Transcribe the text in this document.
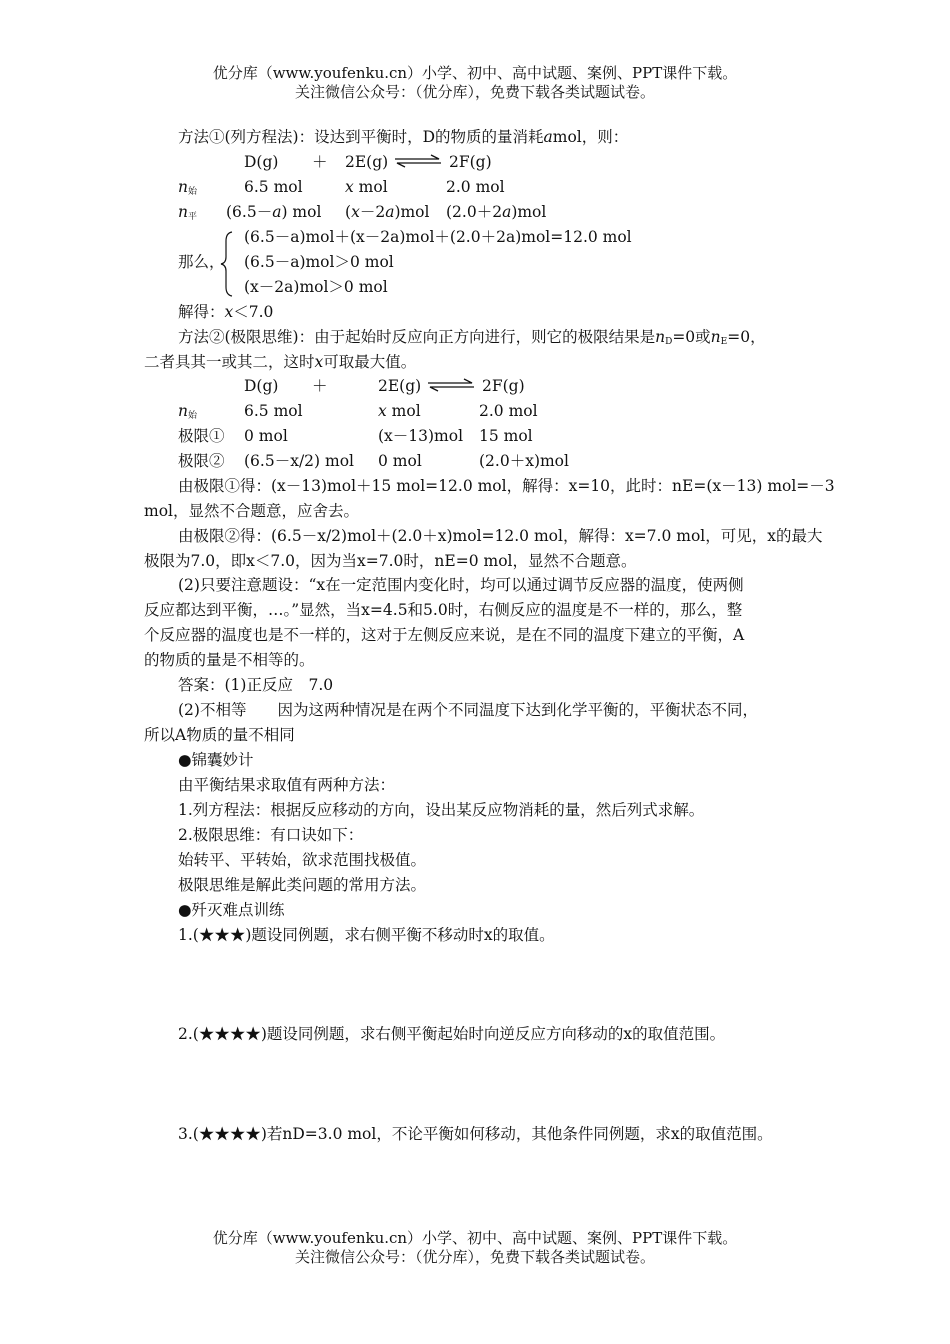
优分库（www.youfenku.cn）小学、初中、高中试题、案例、PPT课件下载。
关注微信公众号：（优分库），免费下载各类试题试卷。
方法①(列方程法)：设达到平衡时，D的物质的量消耗amol，则：
D(g) ＋ 2E(g) ⇌ 2F(g)
$n_始$	6.5 mol	x mol	2.0 mol
$n_平$ (6.5－a) mol (x－2a)mol (2.0＋2a)mol
那么，
(6.5－a)mol＋(x－2a)mol＋(2.0＋2a)mol=12.0 mol
(6.5－a)mol＞0 mol
(x－2a)mol＞0 mol
解得：x＜7.0
方法②(极限思维)：由于起始时反应向正方向进行，则它的极限结果是$n_D=0$或$n_E=0$，
二者具其一或其二，这时x可取最大值。
D(g) ＋	2E(g) ⇌ 2F(g)
$n_始$	6.5 mol	x mol	2.0 mol
极限① 0 mol	(x－13)mol 15 mol
极限② (6.5－x/2) mol 0 mol	(2.0＋x)mol
由极限①得：(x－13)mol＋15 mol=12.0 mol，解得：x=10，此时：nE=(x－13) mol=－3
mol，显然不合题意，应舍去。
由极限②得：(6.5－x/2)mol＋(2.0＋x)mol=12.0 mol，解得：x=7.0 mol，可见，x的最大
极限为7.0，即x＜7.0，因为当x=7.0时，nE=0 mol，显然不合题意。
(2)只要注意题设：“x在一定范围内变化时，均可以通过调节反应器的温度，使两侧
反应都达到平衡，…。”显然，当x=4.5和5.0时，右侧反应的温度是不一样的，那么，整
个反应器的温度也是不一样的，这对于左侧反应来说，是在不同的温度下建立的平衡，A
的物质的量是不相等的。
答案：(1)正反应　7.0
(2)不相等　　因为这两种情况是在两个不同温度下达到化学平衡的，平衡状态不同，
所以A物质的量不相同
●锦囊妙计
由平衡结果求取值有两种方法：
1.列方程法：根据反应移动的方向，设出某反应物消耗的量，然后列式求解。
2.极限思维：有口诀如下：
始转平、平转始，欲求范围找极值。
极限思维是解此类问题的常用方法。
●歼灭难点训练
1.(★★★)题设同例题，求右侧平衡不移动时x的取值。
2.(★★★★)题设同例题，求右侧平衡起始时向逆反应方向移动的x的取值范围。
3.(★★★★)若nD=3.0 mol，不论平衡如何移动，其他条件同例题，求x的取值范围。
优分库（www.youfenku.cn）小学、初中、高中试题、案例、PPT课件下载。
关注微信公众号：（优分库），免费下载各类试题试卷。
